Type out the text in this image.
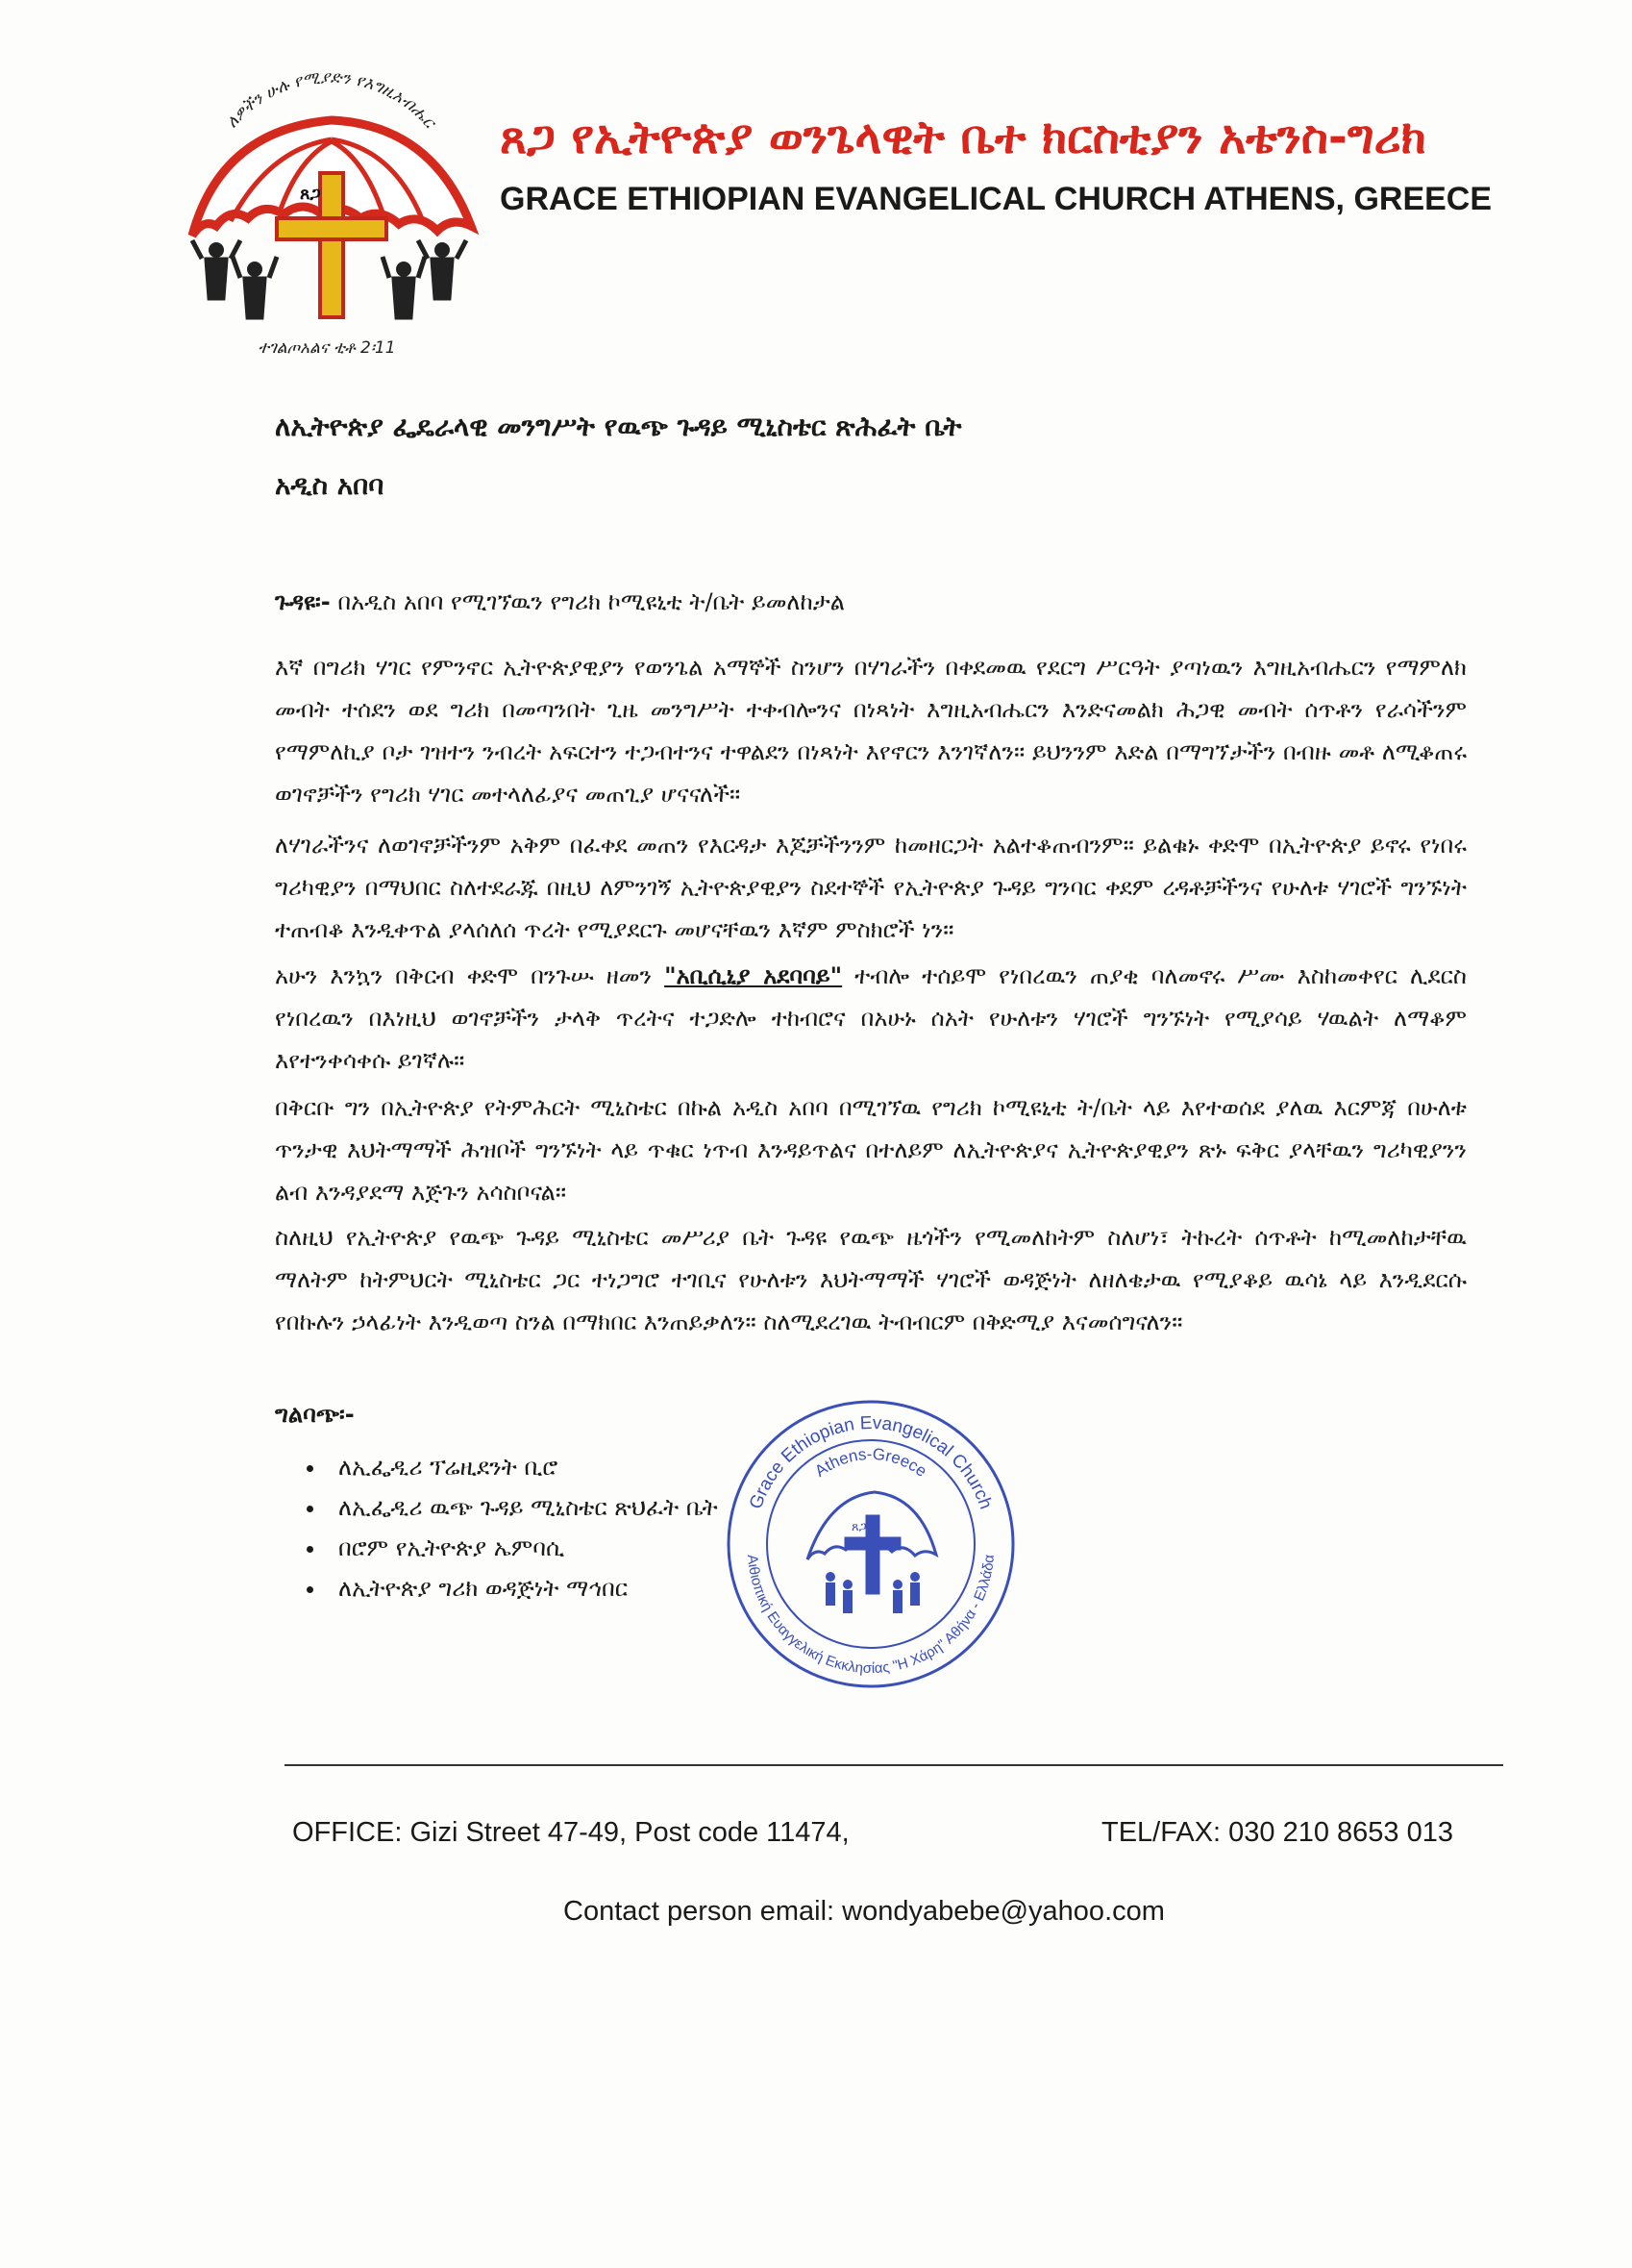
ለዎችን ሁሉ የሚያድን የእግዚአብሔር
ጸጋ
ተገልጦአልና ቲቶ 2፡11
ጸጋ የኢትዮጵያ ወንጌላዊት ቤተ ክርስቲያን አቴንስ-ግሪክ
GRACE ETHIOPIAN EVANGELICAL CHURCH ATHENS, GREECE
ለኢትዮጵያ ፌዴራላዊ መንግሥት የዉጭ ጉዳይ ሚኒስቴር ጽሕፈት ቤት
አዲስ አበባ
ጉዳዩ፡- በአዲስ አበባ የሚገኘዉን የግሪክ ኮሚዩኒቲ ት/ቤት ይመለከታል
እኛ በግሪክ ሃገር የምንኖር ኢትዮጵያዊያን የወንጌል አማኞች ስንሆን በሃገራችን በቀደመዉ የደርግ ሥርዓት ያጣነዉን እግዚአብሔርን የማምለክ መብት ተሰደን ወደ ግሪክ በመጣንበት ጊዜ መንግሥት ተቀብሎንና በነጻነት እግዚአብሔርን እንድናመልክ ሕጋዊ መብት ሰጥቶን የራሳችንም የማምለኪያ ቦታ ገዝተን ንብረት አፍርተን ተጋብተንና ተዋልደን በነጻነት እየኖርን እንገኛለን። ይህንንም እድል በማግኘታችን በብዙ መቶ ለሚቆጠሩ ወገኖቻችን የግሪክ ሃገር መተላለፊያና መጠጊያ ሆናናለች።
ለሃገራችንና ለወገኖቻችንም አቅም በፈቀደ መጠን የእርዳታ እጆቻችንንም ከመዘርጋት አልተቆጠብንም። ይልቁኑ ቀድሞ በኢትዮጵያ ይኖሩ የነበሩ ግሪካዊያን በማህበር ስለተደራጁ በዚህ ለምንገኝ ኢትዮጵያዊያን ስደተኞች የኢትዮጵያ ጉዳይ ግንባር ቀደም ረዳቶቻችንና የሁለቱ ሃገሮች ግንኙነት ተጠብቆ እንዲቀጥል ያላሰለሰ ጥረት የሚያደርጉ መሆናቸዉን እኛም ምስክሮች ነን።
አሁን እንኳን በቅርብ ቀድሞ በንጉሡ ዘመን "አቢሲኒያ አደባባይ" ተብሎ ተሰይሞ የነበረዉን ጠያቂ ባለመኖሩ ሥሙ እስከመቀየር ሊደርስ የነበረዉን በእነዚህ ወገኖቻችን ታላቅ ጥረትና ተጋድሎ ተከብሮና በአሁኑ ሰአት የሁለቱን ሃገሮች ግንኙነት የሚያሳይ ሃዉልት ለማቆም እየተንቀሳቀሱ ይገኛሉ።
በቅርቡ ግን በኢትዮጵያ የትምሕርት ሚኒስቴር በኩል አዲስ አበባ በሚገኘዉ የግሪክ ኮሚዩኒቲ ት/ቤት ላይ እየተወሰደ ያለዉ እርምጃ በሁለቱ ጥንታዊ እህትማማች ሕዝቦች ግንኙነት ላይ ጥቁር ነጥብ እንዳይጥልና በተለይም ለኢትዮጵያና ኢትዮጵያዊያን ጽኑ ፍቅር ያላቸዉን ግሪካዊያንን ልብ እንዳያደማ እጅጉን አሳስቦናል።
ስለዚህ የኢትዮጵያ የዉጭ ጉዳይ ሚኒስቴር መሥሪያ ቤት ጉዳዩ የዉጭ ዜጎችን የሚመለከትም ስለሆነ፣ ትኩረት ሰጥቶት ከሚመለከታቸዉ ማለትም ከትምህርት ሚኒስቴር ጋር ተነጋግሮ ተገቢና የሁለቱን እህትማማች ሃገሮች ወዳጅነት ለዘለቄታዉ የሚያቆይ ዉሳኔ ላይ እንዲደርሱ የበኩሉን ኃላፊነት እንዲወጣ ስንል በማክበር እንጠይቃለን። ስለሚደረገዉ ትብብርም በቅድሚያ እናመሰግናለን።
ግልባጭ፡-
• ለኢፌዲሪ ፕሬዚደንት ቢሮ
• ለኢፌዲሪ ዉጭ ጉዳይ ሚኒስቴር ጽህፈት ቤት
• በሮም የኢትዮጵያ ኤምባሲ
• ለኢትዮጵያ ግሪክ ወዳጅነት ማኅበር
Grace Ethiopian Evangelical Church
Athens-Greece
Αιθιοπική Ευαγγελική Εκκλησίας "Η Χάρη" Αθήνα - Ελλάδα
ጸጋ
OFFICE: Gizi Street 47-49, Post code 11474,	TEL/FAX: 030 210 8653 013
Contact person email: wondyabebe@yahoo.com
